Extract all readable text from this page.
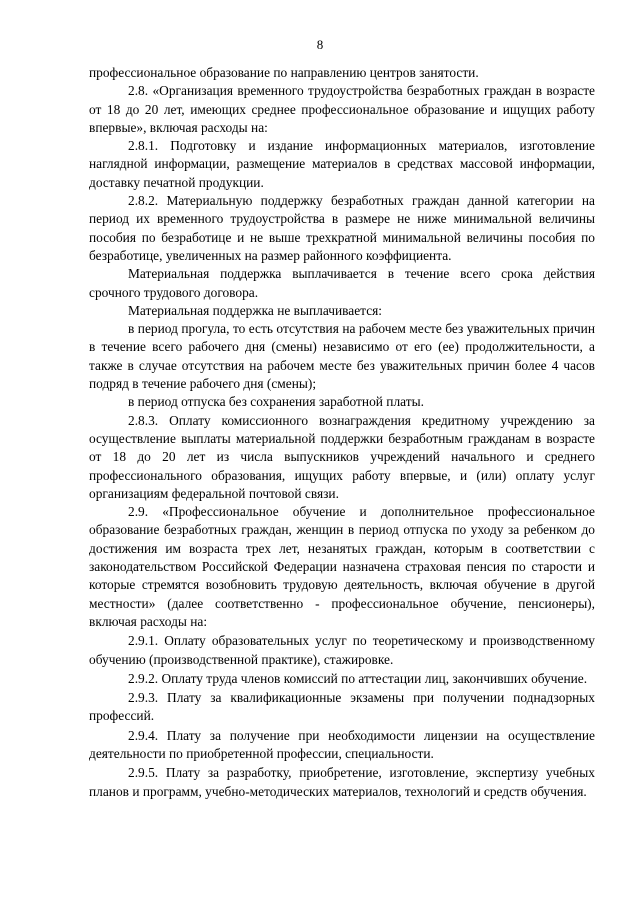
8

профессиональное образование по направлению центров занятости.

2.8. «Организация временного трудоустройства безработных граждан в возрасте от 18 до 20 лет, имеющих среднее профессиональное образование и ищущих работу впервые», включая расходы на:

2.8.1. Подготовку и издание информационных материалов, изготовление наглядной информации, размещение материалов в средствах массовой информации, доставку печатной продукции.

2.8.2. Материальную поддержку безработных граждан данной категории на период их временного трудоустройства в размере не ниже минимальной величины пособия по безработице и не выше трехкратной минимальной величины пособия по безработице, увеличенных на размер районного коэффициента.

Материальная поддержка выплачивается в течение всего срока действия срочного трудового договора.

Материальная поддержка не выплачивается:

в период прогула, то есть отсутствия на рабочем месте без уважительных причин в течение всего рабочего дня (смены) независимо от его (ее) продолжительности, а также в случае отсутствия на рабочем месте без уважительных причин более 4 часов подряд в течение рабочего дня (смены);

в период отпуска без сохранения заработной платы.

2.8.3. Оплату комиссионного вознаграждения кредитному учреждению за осуществление выплаты материальной поддержки безработным гражданам в возрасте от 18 до 20 лет из числа выпускников учреждений начального и среднего профессионального образования, ищущих работу впервые, и (или) оплату услуг организациям федеральной почтовой связи.

2.9. «Профессиональное обучение и дополнительное профессиональное образование безработных граждан, женщин в период отпуска по уходу за ребенком до достижения им возраста трех лет, незанятых граждан, которым в соответствии с законодательством Российской Федерации назначена страховая пенсия по старости и которые стремятся возобновить трудовую деятельность, включая обучение в другой местности» (далее соответственно - профессиональное обучение, пенсионеры), включая расходы на:

2.9.1. Оплату образовательных услуг по теоретическому и производственному обучению (производственной практике), стажировке.

2.9.2. Оплату труда членов комиссий по аттестации лиц, закончивших обучение.

2.9.3. Плату за квалификационные экзамены при получении поднадзорных профессий.

2.9.4. Плату за получение при необходимости лицензии на осуществление деятельности по приобретенной профессии, специальности.

2.9.5. Плату за разработку, приобретение, изготовление, экспертизу учебных планов и программ, учебно-методических материалов, технологий и средств обучения.
